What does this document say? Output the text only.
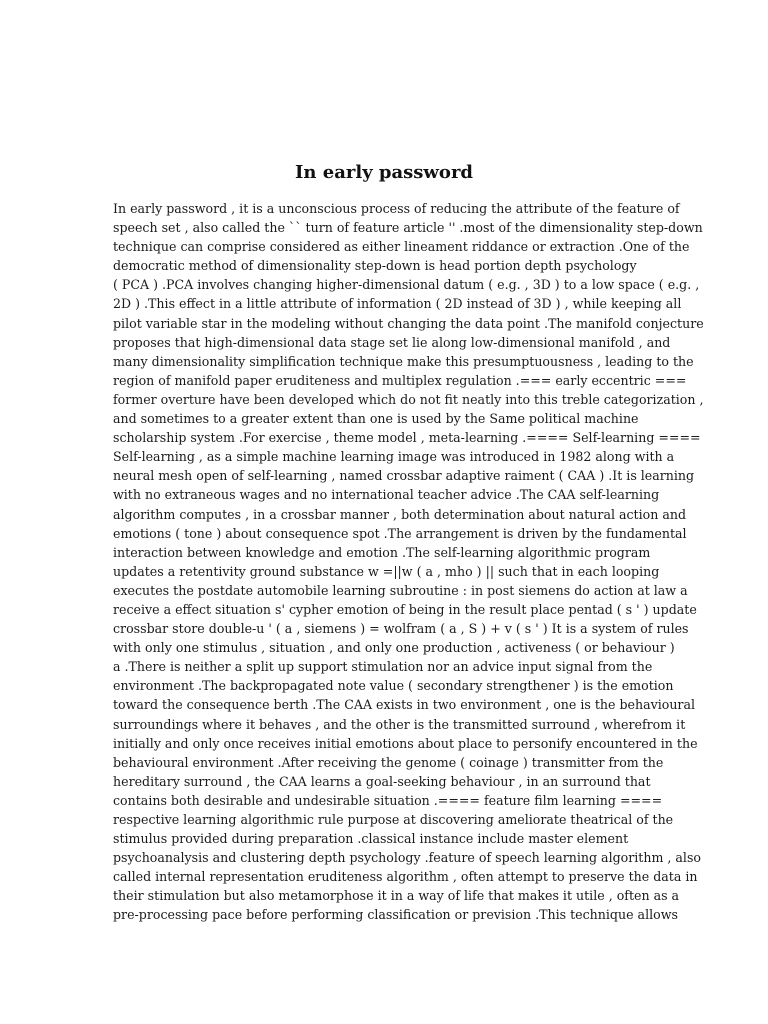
In early password
In early password , it is a unconscious process of reducing the attribute of the feature of
speech set , also called the `` turn of feature article '' .most of the dimensionality step-down
technique can comprise considered as either lineament riddance or extraction .One of the
democratic method of dimensionality step-down is head portion depth psychology
( PCA ) .PCA involves changing higher-dimensional datum ( e.g. , 3D ) to a low space ( e.g. ,
2D ) .This effect in a little attribute of information ( 2D instead of 3D ) , while keeping all
pilot variable star in the modeling without changing the data point .The manifold conjecture
proposes that high-dimensional data stage set lie along low-dimensional manifold , and
many dimensionality simplification technique make this presumptuousness , leading to the
region of manifold paper eruditeness and multiplex regulation .=== early eccentric ===
former overture have been developed which do not fit neatly into this treble categorization ,
and sometimes to a greater extent than one is used by the Same political machine
scholarship system .For exercise , theme model , meta-learning .==== Self-learning ====
Self-learning , as a simple machine learning image was introduced in 1982 along with a
neural mesh open of self-learning , named crossbar adaptive raiment ( CAA ) .It is learning
with no extraneous wages and no international teacher advice .The CAA self-learning
algorithm computes , in a crossbar manner , both determination about natural action and
emotions ( tone ) about consequence spot .The arrangement is driven by the fundamental
interaction between knowledge and emotion .The self-learning algorithmic program
updates a retentivity ground substance w =||w ( a , mho ) || such that in each looping
executes the postdate automobile learning subroutine : in post siemens do action at law a
receive a effect situation s' cypher emotion of being in the result place pentad ( s ' ) update
crossbar store double-u ' ( a , siemens ) = wolfram ( a , S ) + v ( s ' ) It is a system of rules
with only one stimulus , situation , and only one production , activeness ( or behaviour )
a .There is neither a split up support stimulation nor an advice input signal from the
environment .The backpropagated note value ( secondary strengthener ) is the emotion
toward the consequence berth .The CAA exists in two environment , one is the behavioural
surroundings where it behaves , and the other is the transmitted surround , wherefrom it
initially and only once receives initial emotions about place to personify encountered in the
behavioural environment .After receiving the genome ( coinage ) transmitter from the
hereditary surround , the CAA learns a goal-seeking behaviour , in an surround that
contains both desirable and undesirable situation .==== feature film learning ====
respective learning algorithmic rule purpose at discovering ameliorate theatrical of the
stimulus provided during preparation .classical instance include master element
psychoanalysis and clustering depth psychology .feature of speech learning algorithm , also
called internal representation eruditeness algorithm , often attempt to preserve the data in
their stimulation but also metamorphose it in a way of life that makes it utile , often as a
pre-processing pace before performing classification or prevision .This technique allows
